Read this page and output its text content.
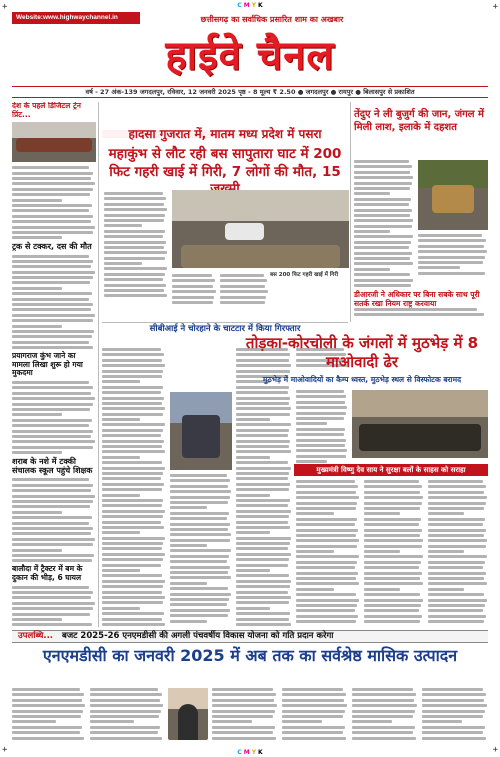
+	+
+	+
C M Y K
C M Y K
Website:www.highwaychannel.in	छत्तीसगढ़ का सर्वाधिक प्रसारित शाम का अखबार
हाईवे चैनल
वर्ष - 27 अंक-139 जगदलपुर, रविवार, 12 जनवरी 2025 पृष्ठ - 8 मूल्य ₹ 2.50 ● जगदलपुर ● रायपुर ● बिलासपुर से प्रकाशित
देश के पहले डिजिटल ट्रेन प्रिंट...
ट्रक से टक्कर, दस की मौत
प्रयागराज कुंभ जाने का मामला लिखा शुरू हो गया मुकदमा
शराब के नशे में टक्की संचालक स्कूल पहुंचे शिक्षक
बालौदा में ट्रैक्टर में बम के दुकान की भीड़, 6 घायल
हादसा गुजरात में, मातम मध्य प्रदेश में पसरा
महाकुंभ से लौट रही बस सापुतारा घाट में 200 फिट गहरी खाई में गिरी, 7 लोगों की मौत, 15
बस 200 फिट गहरी खाई में गिरी
सीबीआई ने चोरहाने के चाटटार में किया गिरफ्तार
तेंदुए ने ली बुजुर्ग की जान, जंगल में मिली लाश, इलाके में दहशत
डीआरजी ने अधिकार पर बिना सबके साथ पूरी सतर्क रखा नियम राष्ट्र करवाया
तोड़का-कोरचोली के जंगलों में मुठभेड़ में 8 माओवादी ढेर
मुठभेड़ में माओवादियों का कैम्प ध्वस्त, मुठभेड़ स्थल से विस्फोटक बरामद
मुख्यमंत्री विष्णु देव साय ने सुरक्षा बलों के साहस को सराहा
उपलब्धि... बजट 2025-26 एनएमडीसी की अगली पंचवर्षीय विकास योजना को गति प्रदान करेगा
एनएमडीसी का जनवरी 2025 में अब तक का सर्वश्रेष्ठ मासिक उत्पादन
